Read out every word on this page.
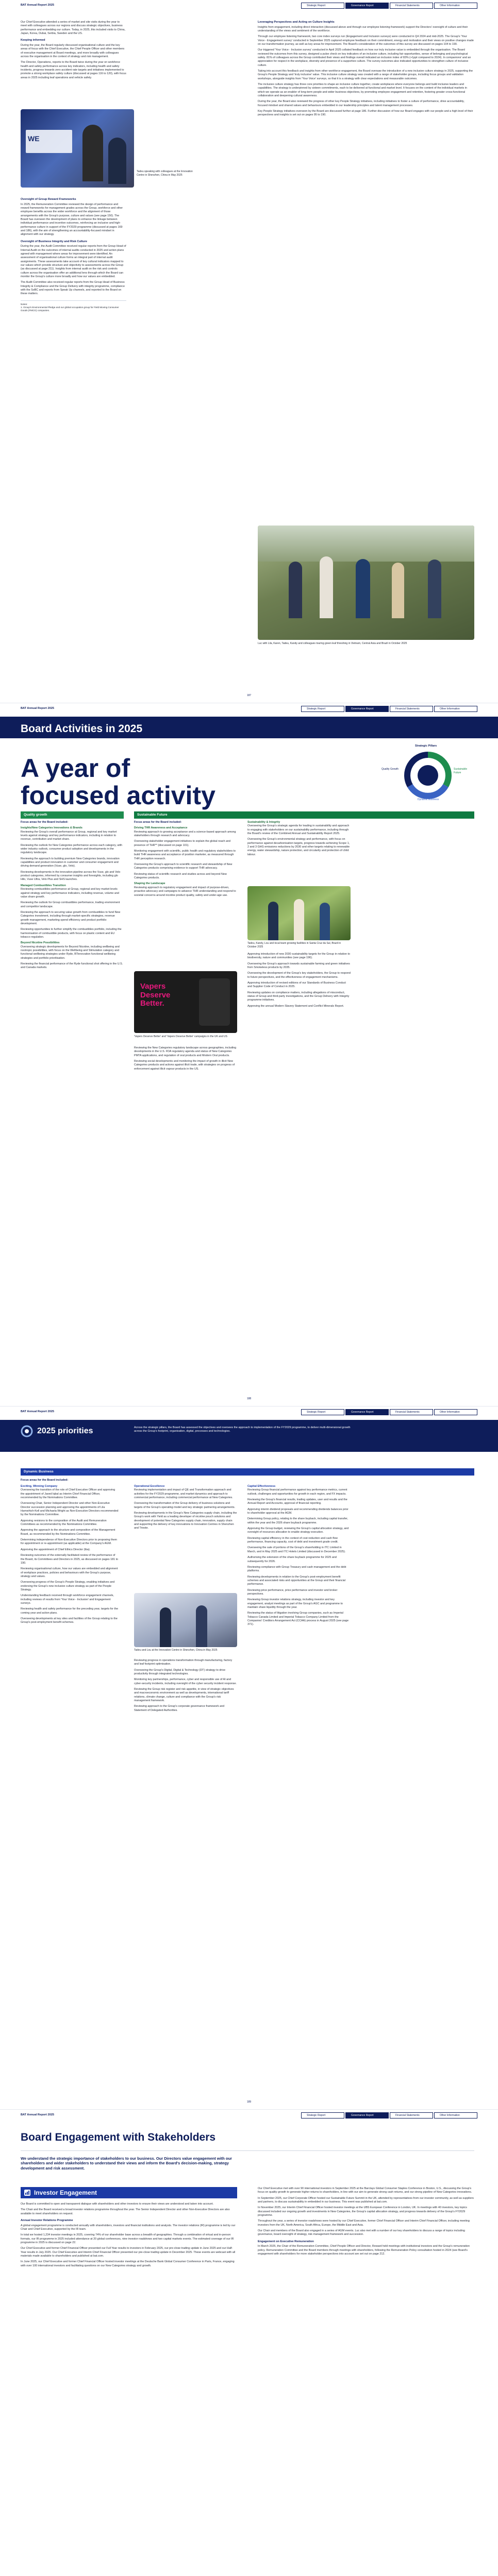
BAT Annual Report 2025	Strategic Report	Governance Report	Financial Statements	Other Information

Our Chief Executive attended a series of market and site visits during the year to meet with colleagues across our regions and discuss strategic objectives, business performance and embedding our culture. Today, in 2025, this included visits to China, Japan, Korea, Dubai, Serbia, Sweden and the US.

Keeping informed

During the year, the Board regularly discussed organisational culture and the key areas of focus with the Chief Executive, the Chief People Officer and other members of executive management at Board meetings, and more broadly with colleagues across the organisation in the context of strategy and risk management.

The Director, Operations, reports to the Board twice during the year on workforce health and safety performance across key indicators, including health and safety incidents, progress towards zero accident rate targets and initiatives implemented to promote a strong workplace safety culture (discussed at pages 116 to 120), with focus areas in 2025 including leaf operations and vehicle safety.

WE
Tadeu speaking with colleagues at the Innovation Centre in Shenzhen, China in May 2025
Oversight of Group Reward Frameworks

In 2025, the Remuneration Committee reviewed the design of performance and reward frameworks for management grades across the Group, workforce and other employee benefits across the wider workforce and the alignment of those arrangements with the Group's purpose, culture and values (see page 150). The Board has overseen the development of plans to enhance the linkage between individual performance and incentive outcomes, reinforcing an inclusive and high-performance culture in support of the FY2029 programme (discussed at pages 169 and 186), with the aim of strengthening an accountability-focused mindset in alignment with our strategy.

Oversight of Business Integrity and Risk Culture

During the year, the Audit Committee received regular reports from the Group Head of Internal Audit on the outcomes of internal audits conducted in 2025 and action plans agreed with management where areas for improvement were identified. An assessment of organisational culture forms an integral part of internal audit assignments. These assessments take account of key cultural indicators mapped to our values which provide structure and objectivity to assessments across the Group (as discussed at page 211). Insights from internal audit on the risk and controls culture across the organisation offer an additional lens through which the Board can monitor the Group's culture more broadly and how our values are embedded.

The Audit Committee also received regular reports from the Group Head of Business Integrity & Compliance and the Group Delivery with integrity programme, compliance with the SoBC and reports from Speak Up channels, and reported to the Board on these matters.

Notes:
1. Group's Environmental Pledge and our global occupation group for Field Moving Consumer Goods (FMCG) companies.

Leveraging Perspectives and Acting on Culture Insights

Insights from engagement, including direct interaction (discussed above and through our employee listening framework) support the Directors' oversight of culture and their understanding of the views and sentiment of the workforce.

Through our employee listening framework, two core index surveys run (Engagement and Inclusion surveys) were conducted in Q4 2024 and mid-2025. The Group's 'Your Voice - Engagement survey' conducted in September 2025 captured employee feedback on their commitment, energy and motivation and their views on positive changes made on our transformation journey, as well as key areas for improvement. The Board's consideration of the outcomes of this survey are discussed on pages 104 to 190.

Our triggered 'Your Voice - Inclusion survey' conducted in April 2025 collated feedback on how our truly inclusive value is embedded through the organisation. The Board reviewed the outcomes from this survey, designed a pulse check on key indicators of an inclusive culture, including fair opportunities, sense of belonging and psychological safety. 81% of colleagues across the Group contributed their views and findings overall indicated an inclusion index of 83% (+1ppt compared to 2024). In companions' and an appreciation for respect in the workplace, diversity and presence of a supportive culture. The survey outcomes also indicated opportunities to strengthen culture of inclusive culture.

Taking into account this feedback and insights from other workforce engagement, the Board oversaw the introduction of a new inclusive culture strategy in 2025, supporting the Group's People Strategy and 'truly inclusive' value. This inclusive culture strategy was created with a range of stakeholder groups, including focus groups and validation workshops, alongside insights from 'Your Voice' surveys, so that it is a strategy with clear expectations and measurable outcomes.

The inclusive culture strategy has three core priorities to shape an inclusive culture together, create workplaces where everyone belongs and build inclusive leaders and capabilities. The strategy is underpinned by sixteen commitments, each to be delivered at functional and market level. It focuses on the content of the individual markets in which we operate as an enabler of long-term people and wider business objectives, by promoting employee engagement and retention, fostering greater cross-functional collaboration and deepening cultural awareness.

During the year, the Board also reviewed the progress of other key People Strategy initiatives, including initiatives to foster a culture of performance, drive accountability, focused mindset and shared values and behaviours embedded in our leadership principles and talent management processes.

Key People Strategy initiatives overseen by the Board are discussed further at page 186. Further discussion of how our Board engages with our people and a high level of their perspectives and insights is set out on pages 95 to 190.

Luc with Lila, Karen, Tadeu, Kandy and colleagues touring green leaf threshing in Vietnam, Central Asia and Brazil in October 2025
187
BAT Annual Report 2025	Strategic Report	Governance Report	Financial Statements	Other Information
Board Activities in 2025
A year of
focused activity
Strategic Pillars
Quality Growth	Sustainable Future
Dynamic Business
Quality growth

Focus areas for the Board included:

Insights/New Categories Innovations & Brands

Reviewing the Group's overall performance at Group, regional and key market levels against strategy and key performance indicators, including in relation to revenue, contribution and market share.

Reviewing the outlook for New Categories performance across each category, with wider industry outlook, consumer product adoption and developments in the regulatory landscape.

Reviewing the approach to building premium New Categories brands, innovation capabilities and product innovation in customer and consumer engagement and driving demand generation (Vuse, glo, Velo).

Reviewing developments in the innovation pipeline across the Vuse, glo and Velo product categories, informed by consumer insights and foresights, including glo Hilo, Vuse Ultra, Velo Plus and SHS launches.

Managed Combustibles Transition

Reviewing combustibles performance at Group, regional and key market levels against strategy and key performance indicators, including revenue, volume and value share growth.

Reviewing the outlook for Group combustibles performance, trading environment and competitor landscape.

Reviewing the approach to securing value growth from combustibles to fund New Categories investment, including through market-specific strategies, revenue growth management, marketing spend efficiency and product portfolio development.

Reviewing opportunities to further simplify the combustibles portfolio, including the harmonisation of combustible products, with focus on plastic content and EU tobacco regulation.

Beyond Nicotine Possibilities

Overseeing strategic developments for Beyond Nicotine, including wellbeing and nootropic possibilities, with focus on the Wellbeing and Stimulation category and functional wellbeing strategies under Ryde, BTinnovation functional wellbeing strategies and portfolio prioritisation.

Reviewing the financial performance of the Ryde functional shot offering in the U.S. and Canada markets.

Sustainable Future

Focus areas for the Board included:

Driving THR Awareness and Acceptance

Reviewing approach to growing acceptance and a science-based approach among stakeholders through research and advocacy.

Overseeing stakeholder engagement initiatives to explain the global reach and presence of THR** (discussed on page 101).

Monitoring engagement with scientific, public health and regulatory stakeholders to build THR awareness and acceptance of position marketer, as measured through THR perception research.

Overseeing the Group's approach to scientific research and stewardship of New Categories products comprising evidence to support THR advocacy.

Reviewing status of scientific research and studies across and beyond New Categories products.

Shaping the Landscape

Reviewing approach to regulatory engagement and impact of purpose-driven, proactive advocacy and campaigns to advance THR understanding and respond to societal concerns around nicotine product quality, safety and under-age use.

Vapers Deserve Better.
'Vapers Deserve Better' and 'Vapers Deserve Better' campaigns in the UK and US

Reviewing the New Categories regulatory landscape across geographies, including developments in the U.S. FDA regulatory agenda and status of New Categories PMTA applications, and regulation of oral products and Modern Oral products.

Reviewing social developments and monitoring the impact of growth in illicit New Categories products and actions against illicit trade, with strategies on progress of enforcement against illicit vapour products in the US.

Sustainability & Integrity

Overseeing the Group's strategic agenda for leading in sustainability and approach to engaging with stakeholders on our sustainability performance, including through the Board's review of the Combined Annual and Sustainability Report 2025.

Overseeing the Group's environmental strategy and performance, with focus on performance against decarbonisation targets, progress towards achieving Scope 1, 2 and 3 GHG emissions reductions by 2030 and other targets relating to renewable energy, water stewardship, nature protection, and circularity and protection of child labour.

Tadeu, Kandy, Lou and local team growing facilities in Santa Cruz da Sul, Brazil in October 2025

Approving introduction of new 2030 sustainability targets for the Group in relation to biodiversity, nature and communities (see page 196).

Overseeing the Group's approach towards sustainable farming and green initiatives from Smokeless products by 2035.

Overseeing the development of the Group's key stakeholders, the Group to respond to future perspectives, and the effectiveness of engagement mechanisms.

Approving introduction of revised editions of our Standards of Business Conduct and Supplier Code of Conduct in 2025.

Reviewing updates on compliance matters, including allegations of misconduct, status of Group and third-party investigations, and the Group Delivery with Integrity programme initiatives.

Approving the annual Modern Slavery Statement and Conflict Minerals Report.

188
BAT Annual Report 2025	Strategic Report	Governance Report	Financial Statements	Other Information
2025 priorities	Across the strategic pillars, the Board has assessed the objectives and oversees the approach to implementation of the FY2029 programme, to deliver multi-dimensional growth across the Group's footprint, organisation, digital, processes and technologies.
Dynamic Business

Focus areas for the Board included:

Exciting, Winning Company

Overseeing the transition of the role of Chief Executive Officer and approving the appointment of Javed Iqbal as Interim Chief Financial Officer, recommended by the Nominations Committee.

Overseeing Chair, Senior Independent Director and other Non-Executive Director succession planning and approving the appointments of Lila Harnwhich-Kell and Michaela Wright as Non-Executive Directors recommended by the Nominations Committee.

Approving revisions to the composition of the Audit and Remuneration Committees as recommended by the Nominations Committee.

Approving the approach to the structure and composition of the Management Board, as recommended by the Nominations Committee.

Determining independence of Non-Executive Directors prior to proposing them for appointment or re-appointment (as applicable) at the Company's AGM.

Approving the appointment of Chief Ethics Director (tba).

Reviewing outcomes of the externally facilitated review of the performance of the Board, its Committees and Directors in 2025, as discussed on pages 181 to 190.

Reviewing organisational culture, how our values are embedded and alignment of workplace practices, policies and behaviours with the Group's purpose, strategy and values.

Overseeing progress of the Group's People Strategy, enabling initiatives and endorsing the Group's new inclusive culture strategy as part of the People Strategy.

Understanding feedback received through workforce engagement channels, including reviews of results from 'Your Voice - Inclusion' and Engagement surveys.

Reviewing health and safety performance for the preceding year, targets for the coming year and action plans.

Overseeing developments at key sites and facilities of the Group relating to the Group's post-employment benefit schemes.

Operational Excellence

Reviewing implementation and impact of QE and Transformation approach and activities for the FY2029 programme, and market dynamics and approach to commercial performance, including commercial performance at New Categories.

Overseeing the transformation of the Group delivery of business solutions and targets of the Group's operating model and key strategic partnering arrangements.

Reviewing developments in the Group's New Categories supply chain, including the Group's work with Yield as a leading developer of nicotine pouch solutions and development of potential New Categories supply chain, innovation, supply chain and supporting the delivery of key innovations to Innovation Centres in Shenzhen and Trieste.

Tadeu and Lou at the Innovation Centre in Shenzhen, China in May 2025

Reviewing progress in operations transformation through manufacturing, factory and leaf footprint optimisation.

Overseeing the Group's Digital, Digital & Technology (DT) strategy to drive productivity through integrated technologies.

Monitoring key partnerships, performance, cyber and responsible use of AI and cyber-security incidents, including oversight of the cyber security incident response.

Reviewing the Group risk register and risk appetite, in view of strategic objectives and macroeconomic environment as well as developments, international tariff relations, climate change, culture and compliance with the Group's risk management framework.

Reviewing approach to the Group's corporate governance framework and Statement of Delegated Authorities.

Capital Effectiveness

Reviewing Group financial performance against key performance metrics, current outlook, challenges and opportunities for growth in each region, and FX impacts.

Reviewing the Group's financial results, trading updates, user and results and the Annual Report and Accounts, approval of financial reporting.

Approving interim dividend proposals and recommending dividends balances prior to shareholder approval at the AGM.

Determining Group policy, relating to the share buyback, including capital transfer, within the year and the 2026 share buyback programme.

Approving the Group budget, reviewing the Group's capital allocation strategy, and oversight of resources allocation to enable strategy execution.

Reviewing capital efficiency in the context of cost reduction and cash flow performance, financing capacity, cost of debt and investment grade credit.

Overseeing the sale of portions of the Group's shareholding in ITC Limited in March, and in May 2025 and ITC Hotels Limited (discussed in December 2025).

Authorising the extension of the share buyback programme for 2025 and subsequently for 2026.

Reviewing compliance with Group Treasury and cash management and the debt platforms.

Reviewing developments in relation to the Group's post-employment benefit schemes and associated risks and opportunities at the Group and their financial performance.

Reviewing price performance, price performance and investor and broker perspectives.

Reviewing Group investor relations strategy, including investor and key engagement, analyst meetings as part of the Group's AGC and programme to maintain share liquidity through the year.

Reviewing the status of litigation involving Group companies, such as Imperial Tobacco Canada Limited and Imperial Tobacco Company Limited from the Companies' Creditors Arrangement Act (CCAA) process in August 2025 (see page 371).

189
BAT Annual Report 2025	Strategic Report	Governance Report	Financial Statements	Other Information
Board Engagement with Stakeholders

We understand the strategic importance of stakeholders to our business. Our Directors value engagement with our shareholders and wider stakeholders to understand their views and inform the Board's decision-making, strategy development and risk assessment.

Investor Engagement

Our Board is committed to open and transparent dialogue with shareholders and other investors to ensure their views are understood and taken into account.

The Chair and the Board received a broad investor relations programme throughout the year. The Senior Independent Director and other Non-Executive Directors are also available to meet shareholders on request.

Annual Investor Relations Programme

A global engagement programme is conducted annually with shareholders, investors and financial institutions and analysts. The investor relations (IR) programme is led by our Chair and Chief Executive, supported by the IR team.

In total we hosted 1,234 investor meetings in 2025, covering 74% of our shareholder base across a breadth of geographies. Through a combination of virtual and in-person formats, our IR programme in 2025 included attendance at 20 global conferences, nine investor roadshows and two capital markets events. The estimated coverage of our IR programme in 2025 is discussed on page 22.

Our Chief Executive and former Chief Financial Officer presented our Full Year results to investors in February 2025, our pre-close trading update in June 2025 and our Half-Year results in July 2025. Our Chief Executive and Interim Chief Financial Officer presented our pre-close trading update in December 2025. These events are webcast with all materials made available to shareholders and published at bat.com.

In June 2025, our Chief Executive and former Chief Financial Officer hosted investor meetings at the Deutsche Bank Global Consumer Conference in Paris, France, engaging with over 100 international investors and facilitating questions on our New Categories strategy and growth.

Our Chief Executive met with over 90 international investors in September 2025 at the Barclays Global Consumer Staples Conference in Boston, U.S., discussing the Group's focus on quality growth to generate higher returns to shareholders, in line with our aim to generate strong cash returns, and our strong pipeline of New Categories innovations.

In September 2025, our Chief Corporate Officer hosted our Sustainable Future Summit in the UK, attended by representatives from our investor community, as well as suppliers and partners, to discuss sustainability in embedded in our business. This event was published at bat.com.

In November 2025, our Interim Chief Financial Officer hosted investor meetings at the UBS European Conference in London, UK. In meetings with 40 investors, key topics discussed included our ongoing growth and investments in New Categories, the Group's capital allocation strategy, and progress towards delivery of the Group's FY2029 programme.

Throughout the year, a series of investor roadshows were hosted by our Chief Executive, former Chief Financial Officer and Interim Chief Financial Officer, including meeting investors from the UK, North America, South Africa, Europe, the Middle East and Asia.

Our Chair and members of the Board also engaged in a series of AGM events. Luc also met with a number of our key shareholders to discuss a range of topics including governance, board oversight of strategy, risk management framework and succession.

Engagement on Executive Remuneration

In March 2025, the Chair of the Remuneration Committee, Chief People Officer and Director, Reward held meetings with institutional investors and the Group's remuneration policy. Remuneration Committee and the Board members through meetings with shareholders, following the Remuneration Policy consultation hosted in 2024 (see Board's engagement with shareholders for more stakeholder perspectives into account are set out on page 212.
